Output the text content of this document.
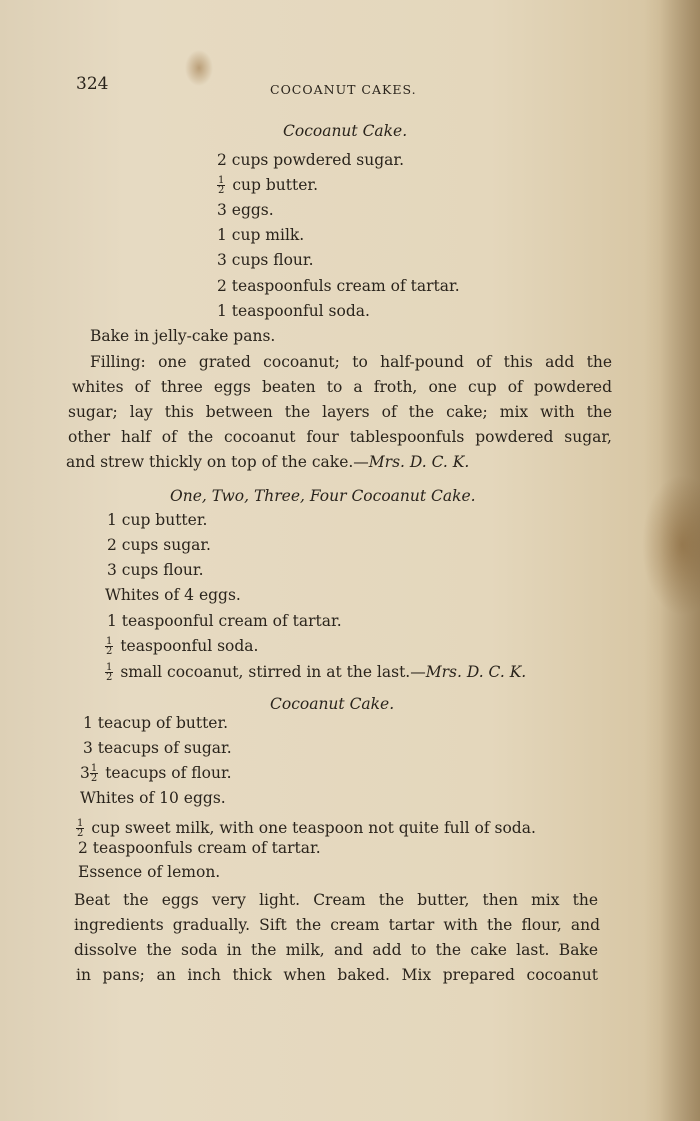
324	COCOANUT CAKES.
Cocoanut Cake.
2 cups powdered sugar.
$\frac{1}{2}$ cup butter.
3 eggs.
1 cup milk.
3 cups flour.
2 teaspoonfuls cream of tartar.
1 teaspoonful soda.
Bake in jelly-cake pans.
Filling: one grated cocoanut; to half-pound of this add the
whites of three eggs beaten to a froth, one cup of powdered
sugar; lay this between the layers of the cake; mix with the
other half of the cocoanut four tablespoonfuls powdered sugar,
and strew thickly on top of the cake.—Mrs. D. C. K.
One, Two, Three, Four Cocoanut Cake.
1 cup butter.
2 cups sugar.
3 cups flour.
Whites of 4 eggs.
1 teaspoonful cream of tartar.
$\frac{1}{2}$ teaspoonful soda.
$\frac{1}{2}$ small cocoanut, stirred in at the last.—Mrs. D. C. K.
Cocoanut Cake.
1 teacup of butter.
3 teacups of sugar.
$3 \frac{1}{2}$ teacups of flour.
Whites of 10 eggs.
$\frac{1}{2}$ cup sweet milk, with one teaspoon not quite full of soda.
2 teaspoonfuls cream of tartar.
Essence of lemon.
Beat the eggs very light. Cream the butter, then mix the
ingredients gradually. Sift the cream tartar with the flour, and
dissolve the soda in the milk, and add to the cake last. Bake
in pans; an inch thick when baked. Mix prepared cocoanut
